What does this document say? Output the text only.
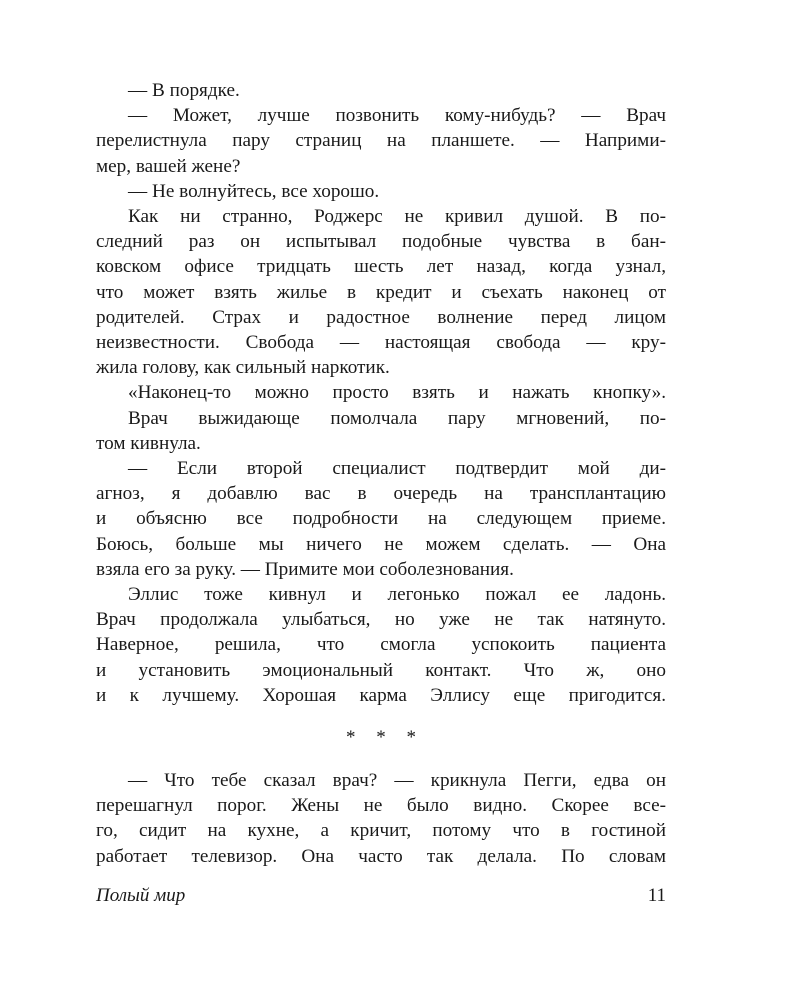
— В порядке.
— Может, лучше позвонить кому-нибудь? — Врач
перелистнула пару страниц на планшете. — Наприми-
мер, вашей жене?
— Не волнуйтесь, все хорошо.
Как ни странно, Роджерс не кривил душой. В по-
следний раз он испытывал подобные чувства в бан-
ковском офисе тридцать шесть лет назад, когда узнал,
что может взять жилье в кредит и съехать наконец от
родителей. Страх и радостное волнение перед лицом
неизвестности. Свобода — настоящая свобода — кру-
жила голову, как сильный наркотик.
«Наконец-то можно просто взять и нажать кнопку».
Врач выжидающе помолчала пару мгновений, по-
том кивнула.
— Если второй специалист подтвердит мой ди-
агноз, я добавлю вас в очередь на трансплантацию
и объясню все подробности на следующем приеме.
Боюсь, больше мы ничего не можем сделать. — Она
взяла его за руку. — Примите мои соболезнования.
Эллис тоже кивнул и легонько пожал ее ладонь.
Врач продолжала улыбаться, но уже не так натянуто.
Наверное, решила, что смогла успокоить пациента
и установить эмоциональный контакт. Что ж, оно
и к лучшему. Хорошая карма Эллису еще пригодится.
* * *
— Что тебе сказал врач? — крикнула Пегги, едва он
перешагнул порог. Жены не было видно. Скорее все-
го, сидит на кухне, а кричит, потому что в гостиной
работает телевизор. Она часто так делала. По словам
Полый мир	11
